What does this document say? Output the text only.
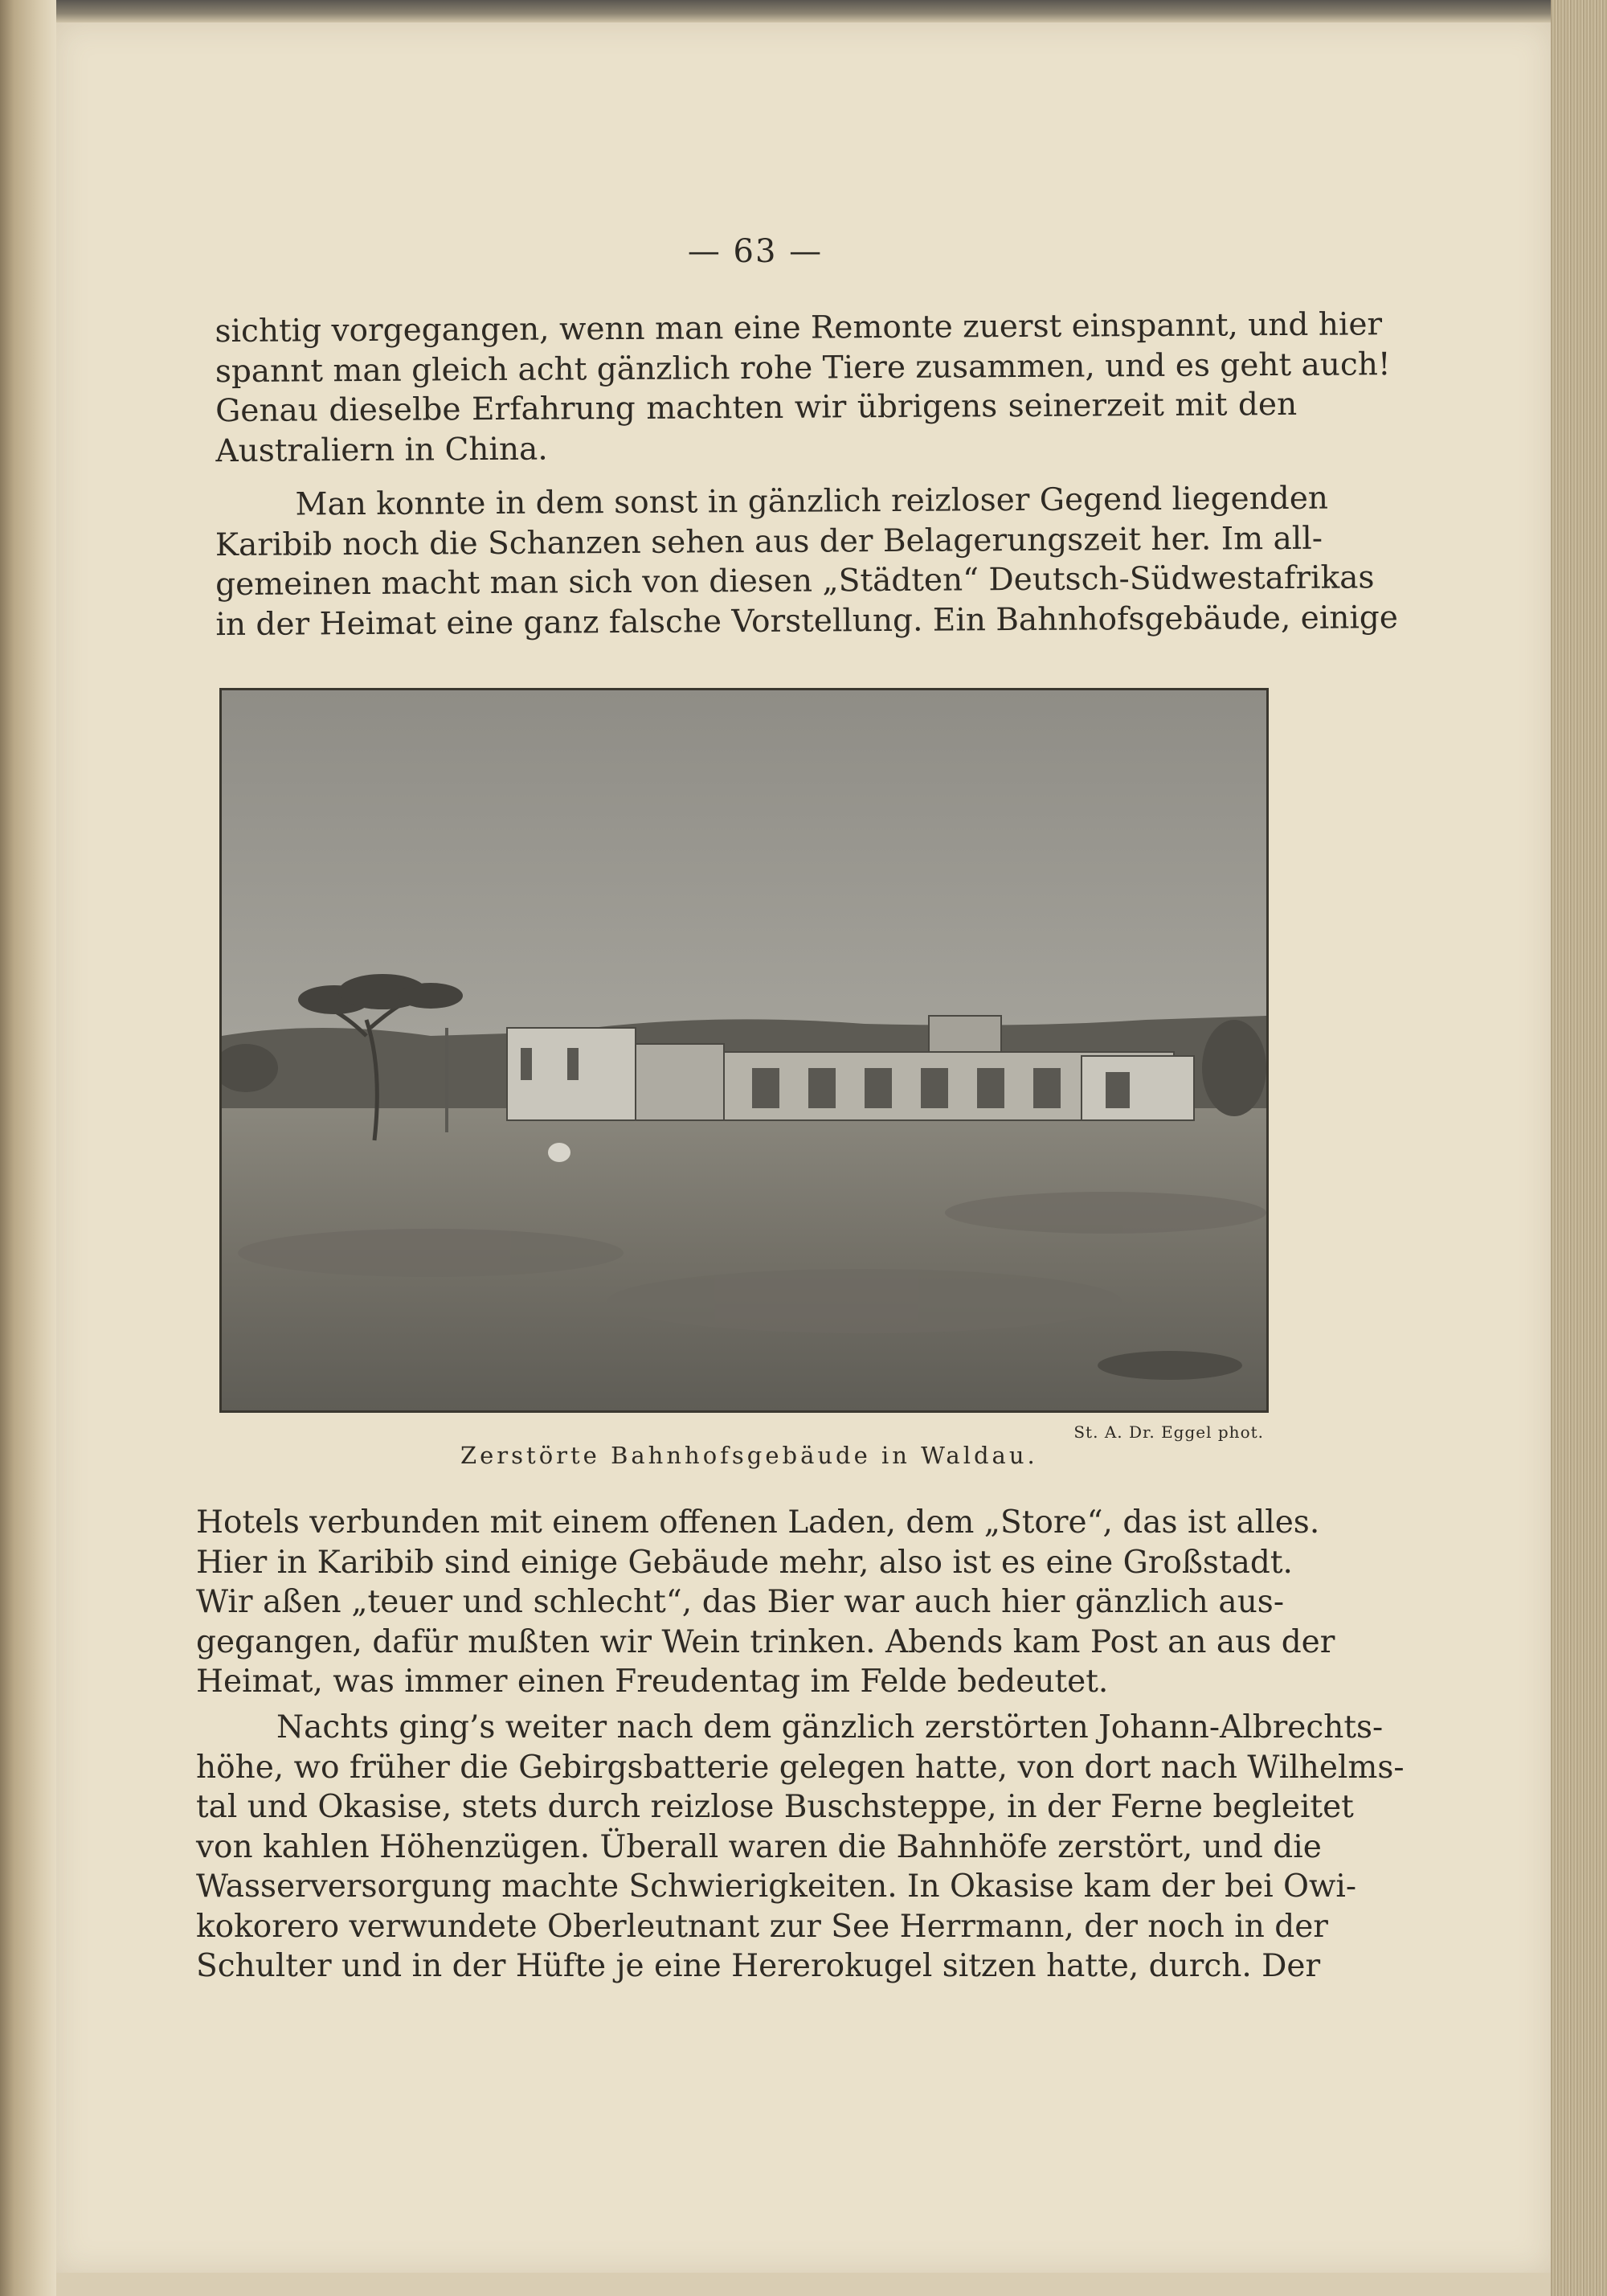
— 63 —
sichtig vorgegangen, wenn man eine Remonte zuerst einspannt, und hier
spannt man gleich acht gänzlich rohe Tiere zusammen, und es geht auch!
Genau dieselbe Erfahrung machten wir übrigens seinerzeit mit den
Australiern in China.
Man konnte in dem sonst in gänzlich reizloser Gegend liegenden
Karibib noch die Schanzen sehen aus der Belagerungszeit her. Im all-
gemeinen macht man sich von diesen „Städten“ Deutsch-Südwestafrikas
in der Heimat eine ganz falsche Vorstellung. Ein Bahnhofsgebäude, einige
St. A. Dr. Eggel phot.
Zerstörte Bahnhofsgebäude in Waldau.
Hotels verbunden mit einem offenen Laden, dem „Store“, das ist alles.
Hier in Karibib sind einige Gebäude mehr, also ist es eine Großstadt.
Wir aßen „teuer und schlecht“, das Bier war auch hier gänzlich aus-
gegangen, dafür mußten wir Wein trinken. Abends kam Post an aus der
Heimat, was immer einen Freudentag im Felde bedeutet.
Nachts ging’s weiter nach dem gänzlich zerstörten Johann-Albrechts-
höhe, wo früher die Gebirgsbatterie gelegen hatte, von dort nach Wilhelms-
tal und Okasise, stets durch reizlose Buschsteppe, in der Ferne begleitet
von kahlen Höhenzügen. Überall waren die Bahnhöfe zerstört, und die
Wasserversorgung machte Schwierigkeiten. In Okasise kam der bei Owi-
kokorero verwundete Oberleutnant zur See Herrmann, der noch in der
Schulter und in der Hüfte je eine Hererokugel sitzen hatte, durch. Der
